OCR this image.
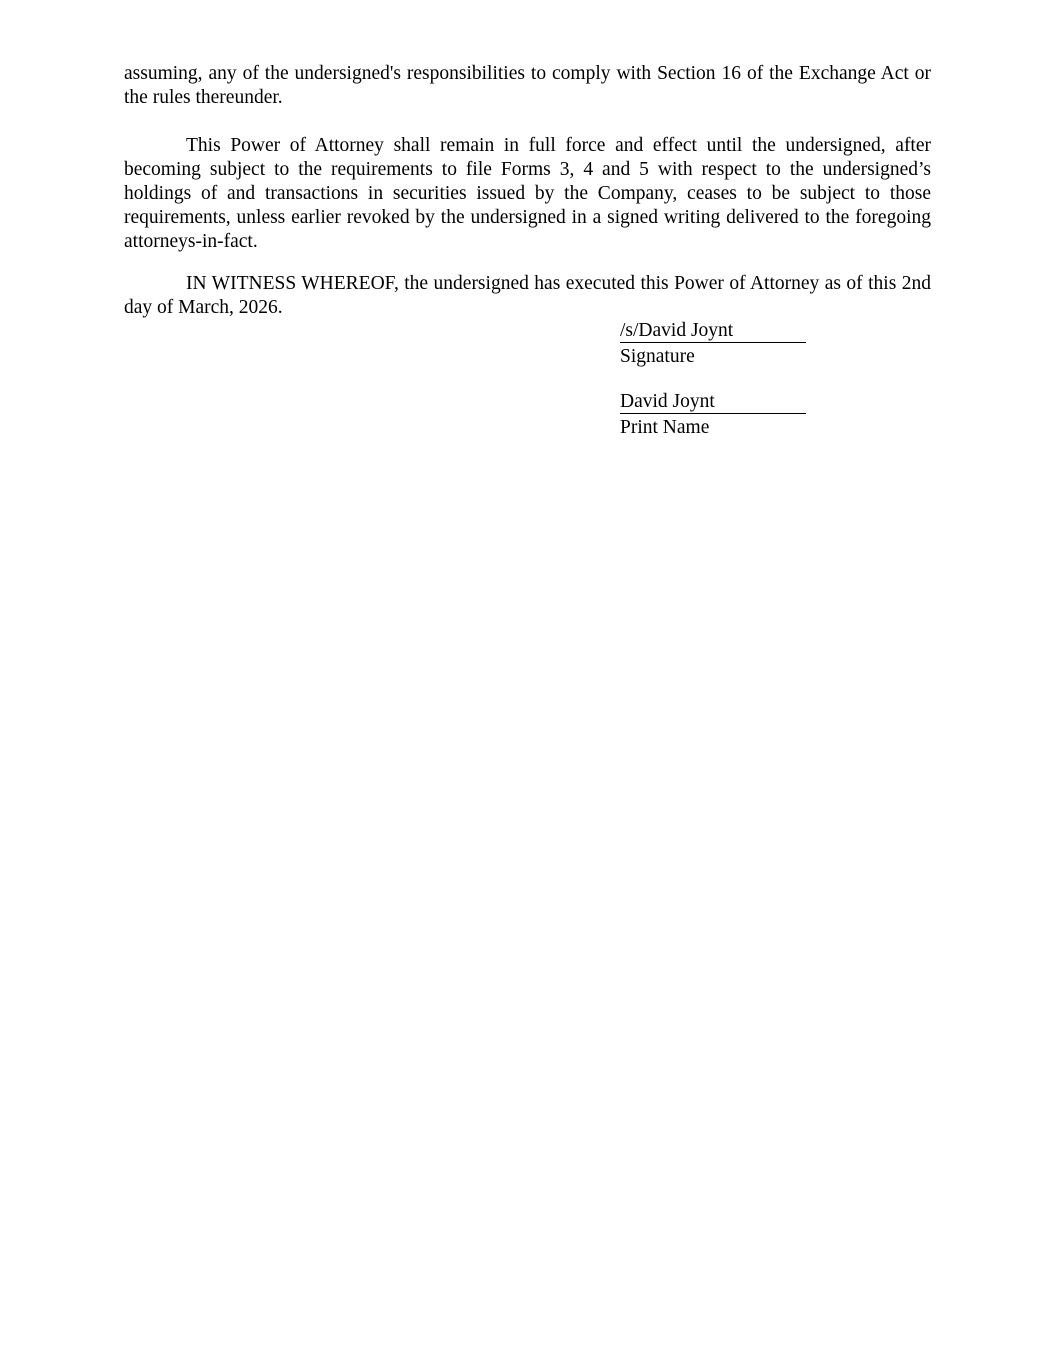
assuming, any of the undersigned's responsibilities to comply with Section 16 of the Exchange Act or the rules thereunder.

This Power of Attorney shall remain in full force and effect until the undersigned, after becoming subject to the requirements to file Forms 3, 4 and 5 with respect to the undersigned’s holdings of and transactions in securities issued by the Company, ceases to be subject to those requirements, unless earlier revoked by the undersigned in a signed writing delivered to the foregoing attorneys-in-fact.

IN WITNESS WHEREOF, the undersigned has executed this Power of Attorney as of this 2nd day of March, 2026.

/s/David Joynt
Signature
David Joynt
Print Name
